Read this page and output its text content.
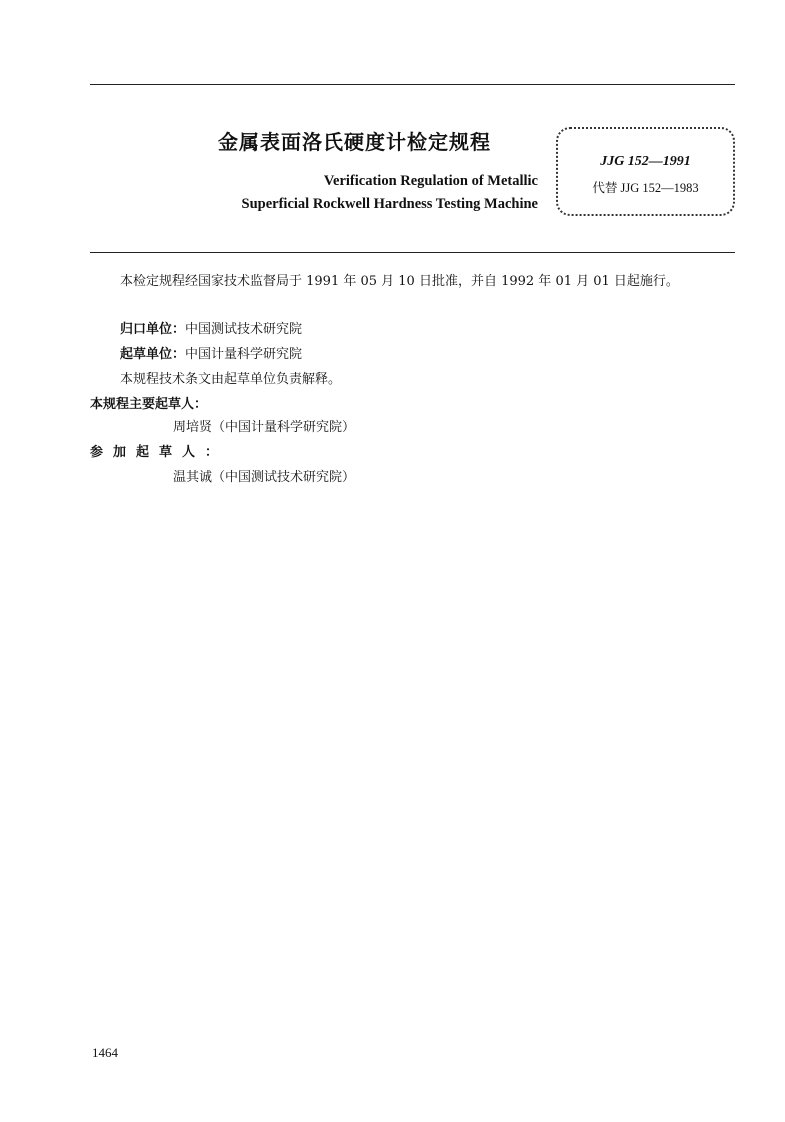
金属表面洛氏硬度计检定规程
Verification Regulation of Metallic
Superficial Rockwell Hardness Testing Machine
JJG 152—1991
代替 JJG 152—1983
本检定规程经国家技术监督局于 1991 年 05 月 10 日批准，并自 1992 年 01 月 01 日起施行。
归口单位：中国测试技术研究院
起草单位：中国计量科学研究院
本规程技术条文由起草单位负责解释。
本规程主要起草人：
周培贤（中国计量科学研究院）
参加起草人：
温其诚（中国测试技术研究院）
1464
